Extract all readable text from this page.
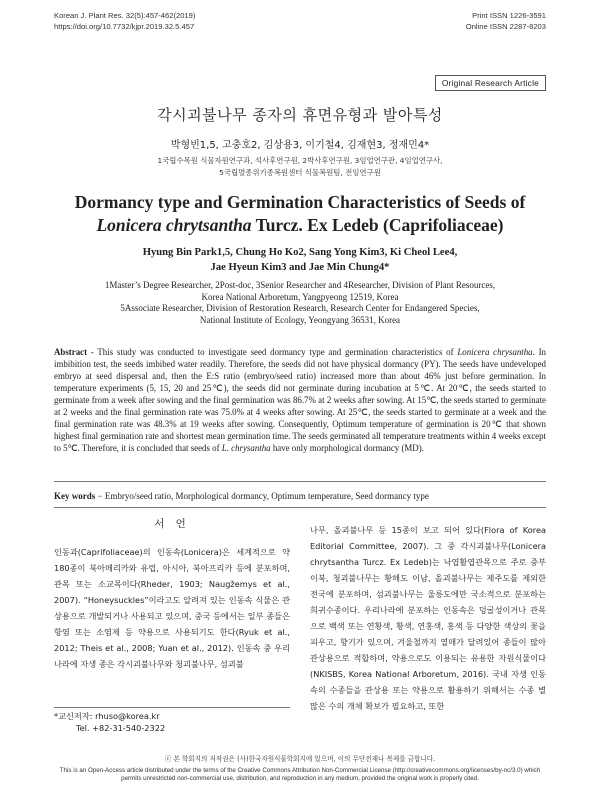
Korean J. Plant Res. 32(5):457-462(2019)
https://doi.org/10.7732/kjpr.2019.32.5.457
Print ISSN 1226-3591
Online ISSN 2287-8203
Original Research Article
각시괴불나무 종자의 휴면유형과 발아특성
박형빈1,5, 고충호2, 김상용3, 이기철4, 김재현3, 정재민4*
1국립수목원 식물자원연구과, 석사후연구원, 2박사후연구원, 3임업연구관, 4임업연구사,
5국립멸종위기종복원센터 식물복원팀, 전임연구원
Dormancy type and Germination Characteristics of Seeds of
Lonicera chrytsantha Turcz. Ex Ledeb (Caprifoliaceae)
Hyung Bin Park1,5, Chung Ho Ko2, Sang Yong Kim3, Ki Cheol Lee4,
Jae Hyeun Kim3 and Jae Min Chung4*

1Master’s Degree Researcher, 2Post-doc, 3Senior Researcher and 4Researcher, Division of Plant Resources,

Korea National Arboretum, Yangpyeong 12519, Korea

5Associate Researcher, Division of Restoration Research, Research Center for Endangered Species,

National Institute of Ecology, Yeongyang 36531, Korea

Abstract - This study was conducted to investigate seed dormancy type and germination characteristics of Lonicera chrysantha. In imbibition test, the seeds imbibed water readily. Therefore, the seeds did not have physical dormancy (PY). The seeds have undeveloped embryo at seed dispersal and, then the E:S ratio (embryo/seed ratio) increased more than about 46% just before germination. In temperature experiments (5, 15, 20 and 25℃), the seeds did not germinate during incubation at 5℃. At 20℃, the seeds started to germinate from a week after sowing and the final germination was 86.7% at 2 weeks after sowing. At 15℃, the seeds started to germinate at 2 weeks and the final germination rate was 75.0% at 4 weeks after sowing. At 25℃, the seeds started to germinate at a week and the final germination rate was 48.3% at 19 weeks after sowing. Consequently, Optimum temperature of germination is 20℃ that shown highest final germination rate and shortest mean germination time. The seeds germinated all temperature treatments within 4 weeks except to 5℃. Therefore, it is concluded that seeds of L. chrysantha have only morphological dormancy (MD).

Key words − Embryo/seed ratio, Morphological dormancy, Optimum temperature, Seed dormancy type

서 언

인동과(Caprifoliaceae)의 인동속(Lonicera)은 세계적으로 약 180종이 북아메리카와 유럽, 아시아, 북아프리카 등에 분포하며, 관목 또는 소교목이다(Rheder, 1903; Naugžemys et al., 2007). “Honeysuckles”이라고도 알려져 있는 인동속 식물은 관상용으로 개발되거나 사용되고 있으며, 중국 등에서는 일부 종들은 항염 또는 소염제 등 약용으로 사용되기도 한다(Ryuk et al., 2012; Theis et al., 2008; Yuan et al., 2012). 인동속 중 우리나라에 자생 종은 각시괴불나무와 청괴불나무, 섬괴불

나무, 올괴불나무 등 15종이 보고 되어 있다(Flora of Korea Editorial Committee, 2007). 그 중 각시괴불나무(Lonicera chrytsantha Turcz. Ex Ledeb)는 낙엽활엽관목으로 주로 중부이북, 청괴불나무는 황해도 이남, 올괴불나무는 제주도를 제외한 전국에 분포하며, 섬괴불나무는 울릉도에만 국소적으로 분포하는 희귀수종이다. 우리나라에 분포하는 인동속은 덩굴성이거나 관목으로 백색 또는 연황색, 황색, 연홍색, 홍색 등 다양한 색상의 꽃을 피우고, 향기가 있으며, 겨울철까지 열매가 달려있어 종들이 많아 관상용으로 적합하며, 약용으로도 이용되는 유용한 자원식물이다(NKISBS, Korea National Arboretum, 2016). 국내 자생 인동속의 수종들을 관상용 또는 약용으로 활용하기 위해서는 수종 별 많은 수의 개체 확보가 필요하고, 또한

*교신저자: rhuso@korea.kr
Tel. +82-31-540-2322
ⓒ 본 학회지의 저작권은 (사)한국자원식물학회지에 있으며, 이의 무단전재나 복제를 금합니다.
This is an Open-Access article distributed under the terms of the Creative Commons Attribution Non-Commercial License (http://creativecommons.org/licenses/by-nc/3.0) which permits unrestricted non-commercial use, distribution, and reproduction in any medium, provided the original work is properly cited.
